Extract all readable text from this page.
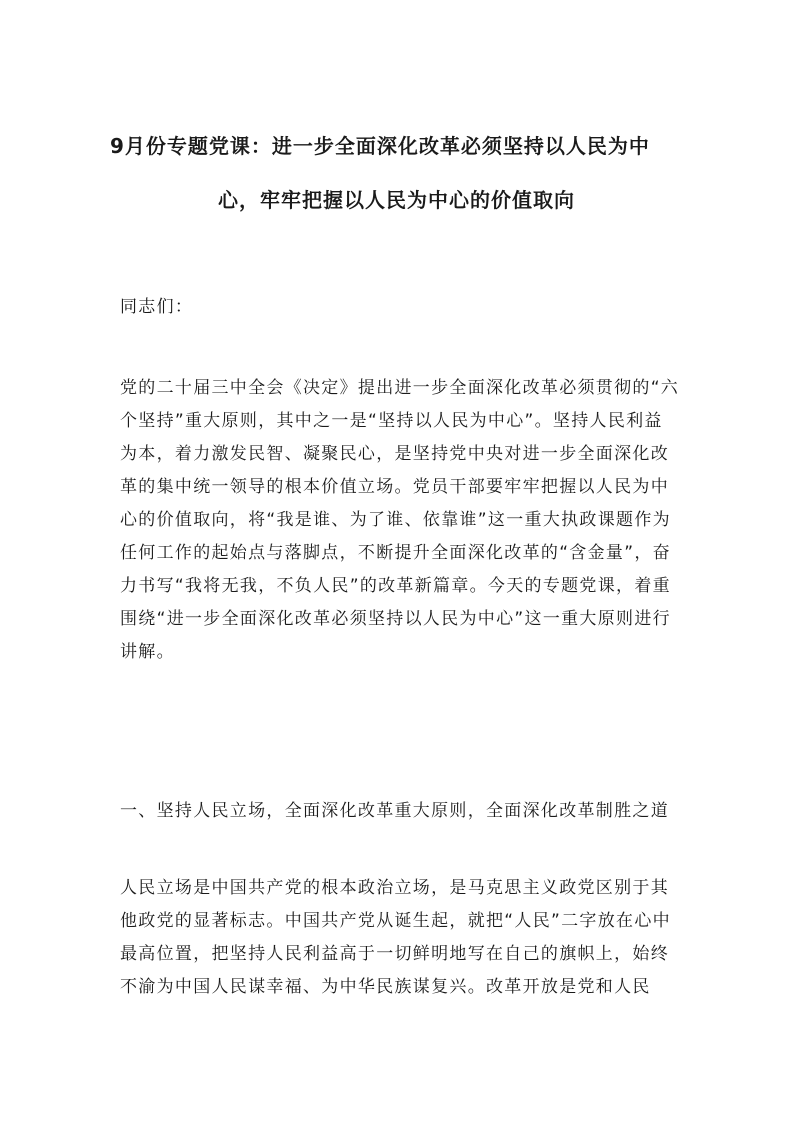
9月份专题党课：进一步全面深化改革必须坚持以人民为中
心，牢牢把握以人民为中心的价值取向
同志们：

党的二十届三中全会《决定》提出进一步全面深化改革必须贯彻的“六个坚持”重大原则，其中之一是“坚持以人民为中心”。坚持人民利益为本，着力激发民智、凝聚民心，是坚持党中央对进一步全面深化改革的集中统一领导的根本价值立场。党员干部要牢牢把握以人民为中心的价值取向，将“我是谁、为了谁、依靠谁”这一重大执政课题作为任何工作的起始点与落脚点，不断提升全面深化改革的“含金量”，奋力书写“我将无我，不负人民”的改革新篇章。今天的专题党课，着重围绕“进一步全面深化改革必须坚持以人民为中心”这一重大原则进行讲解。

一、坚持人民立场，全面深化改革重大原则，全面深化改革制胜之道

人民立场是中国共产党的根本政治立场，是马克思主义政党区别于其他政党的显著标志。中国共产党从诞生起，就把“人民”二字放在心中最高位置，把坚持人民利益高于一切鲜明地写在自己的旗帜上，始终不渝为中国人民谋幸福、为中华民族谋复兴。改革开放是党和人民
